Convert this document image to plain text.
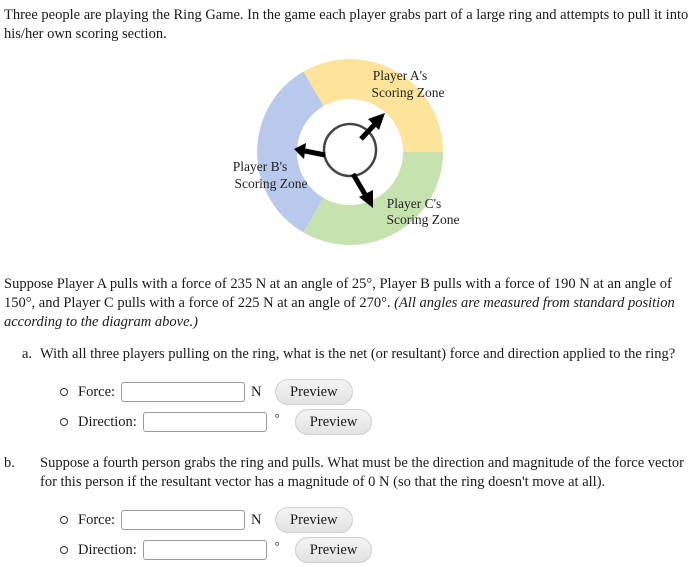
Three people are playing the Ring Game. In the game each player grabs part of a large ring and attempts to pull it into his/her own scoring section.
Player A's
Scoring Zone
Player B's
Scoring Zone
Player C's
Scoring Zone
Suppose Player A pulls with a force of 235 N at an angle of 25°, Player B pulls with a force of 190 N at an angle of 150°, and Player C pulls with a force of 225 N at an angle of 270°. (All angles are measured from standard position according to the diagram above.)
a. With all three players pulling on the ring, what is the net (or resultant) force and direction applied to the ring?
Force:	N	Preview
Direction:	°	Preview
b. Suppose a fourth person grabs the ring and pulls. What must be the direction and magnitude of the force vector for this person if the resultant vector has a magnitude of 0 N (so that the ring doesn't move at all).
Force:	N	Preview
Direction:	°	Preview
